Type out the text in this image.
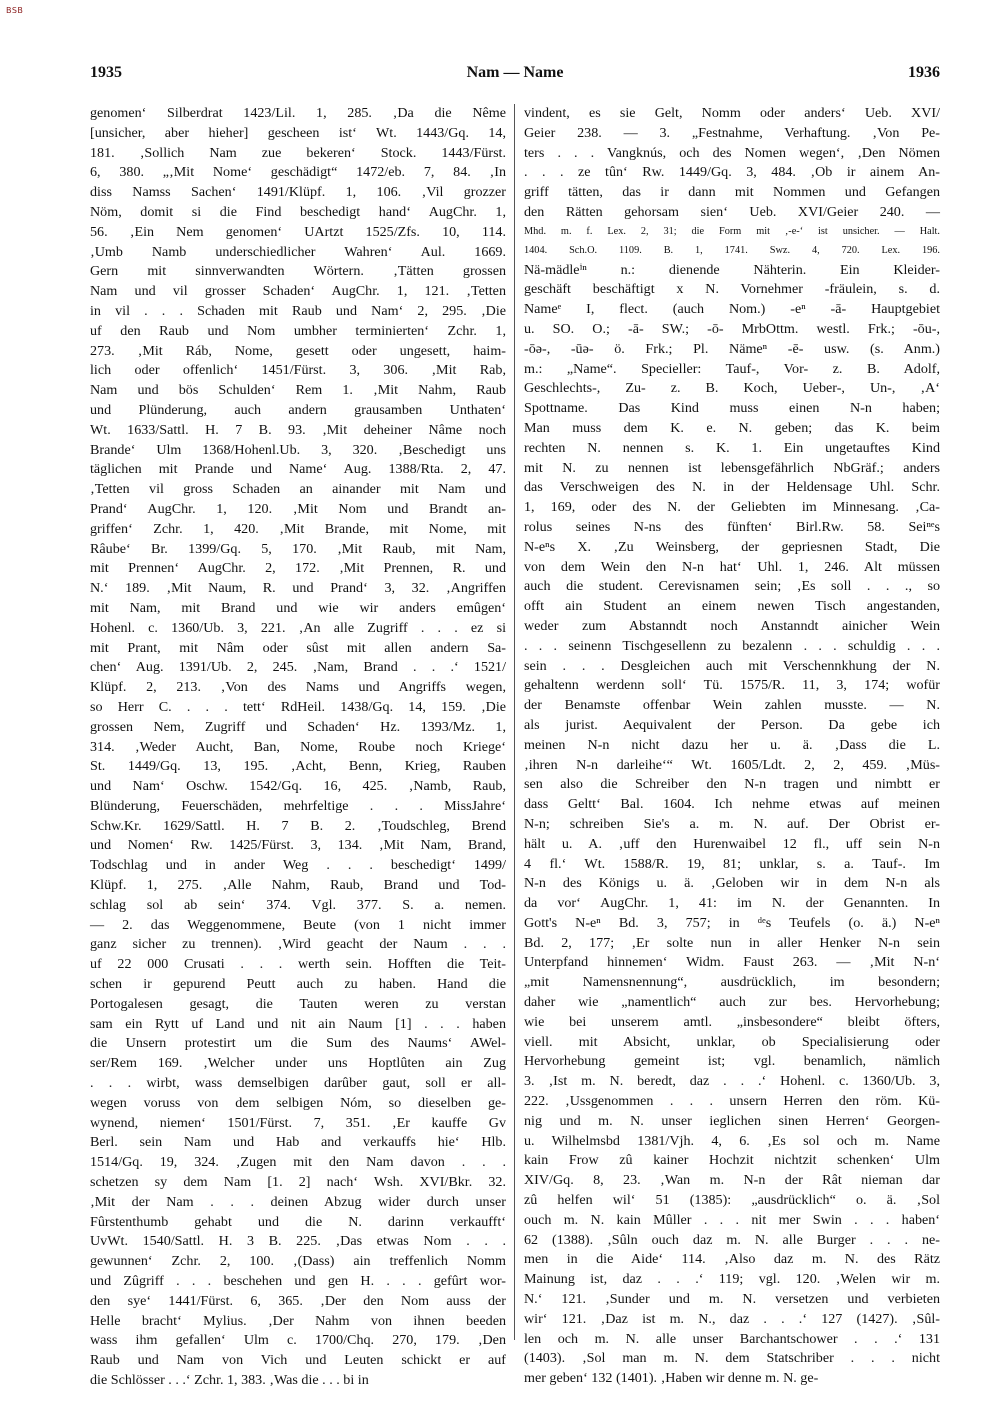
BSB
1935	Nam — Name	1936
genomen‘ Silberdrat 1423/Lil. 1, 285. ‚Da die Nême
[unsicher, aber hieher] gescheen ist‘ Wt. 1443/Gq. 14,
181. ‚Sollich Nam zue bekeren‘ Stock. 1443/Fürst.
6, 380. „‚Mit Nome‘ geschädigt“ 1472/eb. 7, 84. ‚In
diss Namss Sachen‘ 1491/Klüpf. 1, 106. ‚Vil grozzer
Nöm, domit si die Find beschedigt hand‘ AugChr. 1,
56. ‚Ein Nem genomen‘ UArtzt 1525/Zfs. 10, 114.
‚Umb Namb underschiedlicher Wahren‘ Aul. 1669.
Gern mit sinnverwandten Wörtern. ‚Tätten grossen
Nam und vil grosser Schaden‘ AugChr. 1, 121. ‚Tetten
in vil . . . Schaden mit Raub und Nam‘ 2, 295. ‚Die
uf den Raub und Nom umbher terminierten‘ Zchr. 1,
273. ‚Mit Ráb, Nome, gesett oder ungesett, haim-
lich oder offenlich‘ 1451/Fürst. 3, 306. ‚Mit Rab,
Nam und bös Schulden‘ Rem 1. ‚Mit Nahm, Raub
und Plünderung, auch andern grausamben Unthaten‘
Wt. 1633/Sattl. H. 7 B. 93. ‚Mit deheiner Nâme noch
Brande‘ Ulm 1368/Hohenl.Ub. 3, 320. ‚Beschedigt uns
täglichen mit Prande und Name‘ Aug. 1388/Rta. 2, 47.
‚Tetten vil gross Schaden an ainander mit Nam und
Prand‘ AugChr. 1, 120. ‚Mit Nom und Brandt an-
griffen‘ Zchr. 1, 420. ‚Mit Brande, mit Nome, mit
Râube‘ Br. 1399/Gq. 5, 170. ‚Mit Raub, mit Nam,
mit Prennen‘ AugChr. 2, 172. ‚Mit Prennen, R. und
N.‘ 189. ‚Mit Naum, R. und Prand‘ 3, 32. ‚Angriffen
mit Nam, mit Brand und wie wir anders emûgen‘
Hohenl. c. 1360/Ub. 3, 221. ‚An alle Zugriff . . . ez si
mit Prant, mit Nâm oder sûst mit allen andern Sa-
chen‘ Aug. 1391/Ub. 2, 245. ‚Nam, Brand . . .‘ 1521/
Klüpf. 2, 213. ‚Von des Nams und Angriffs wegen,
so Herr C. . . . tett‘ RdHeil. 1438/Gq. 14, 159. ‚Die
grossen Nem, Zugriff und Schaden‘ Hz. 1393/Mz. 1,
314. ‚Weder Aucht, Ban, Nome, Roube noch Kriege‘
St. 1449/Gq. 13, 195. ‚Acht, Benn, Krieg, Rauben
und Nam‘ Oschw. 1542/Gq. 16, 425. ‚Namb, Raub,
Blünderung, Feuerschäden, mehrfeltige . . . MissJahre‘
Schw.Kr. 1629/Sattl. H. 7 B. 2. ‚Toudschleg, Brend
und Nomen‘ Rw. 1425/Fürst. 3, 134. ‚Mit Nam, Brand,
Todschlag und in ander Weg . . . beschedigt‘ 1499/
Klüpf. 1, 275. ‚Alle Nahm, Raub, Brand und Tod-
schlag sol ab sein‘ 374. Vgl. 377. S. a. nemen.
— 2. das Weggenommene, Beute (von 1 nicht immer
ganz sicher zu trennen). ‚Wird geacht der Naum . . .
uf 22 000 Crusati . . . werth sein. Hofften die Teit-
schen ir gepurend Peutt auch zu haben. Hand die
Portogalesen gesagt, die Tauten weren zu verstan
sam ein Rytt uf Land und nit ain Naum [1] . . . haben
die Unsern protestirt um die Sum des Naums‘ AWel-
ser/Rem 169. ‚Welcher under uns Hoptlûten ain Zug
. . . wirbt, wass demselbigen darûber gaut, soll er all-
wegen voruss von dem selbigen Nóm, so dieselben ge-
wynend, niemen‘ 1501/Fürst. 7, 351. ‚Er kauffe Gv
Berl. sein Nam und Hab and verkauffs hie‘ Hlb.
1514/Gq. 19, 324. ‚Zugen mit den Nam davon . . .
schetzen sy dem Nam [1. 2] nach‘ Wsh. XVI/Bkr. 32.
‚Mit der Nam . . . deinen Abzug wider durch unser
Fûrstenthumb gehabt und die N. darinn verkaufft‘
UvWt. 1540/Sattl. H. 3 B. 225. ‚Das etwas Nom . . .
gewunnen‘ Zchr. 2, 100. ‚(Dass) ain treffenlich Nomm
und Zûgriff . . . beschehen und gen H. . . . gefûrt wor-
den sye‘ 1441/Fürst. 6, 365. ‚Der den Nom auss der
Helle bracht‘ Mylius. ‚Der Nahm von ihnen beeden
wass ihm gefallen‘ Ulm c. 1700/Chq. 270, 179. ‚Den
Raub und Nam von Vich und Leuten schickt er auf
die Schlösser . . .‘ Zchr. 1, 383. ‚Was die . . . bi in
vindent, es sie Gelt, Nomm oder anders‘ Ueb. XVI/
Geier 238. — 3. „Festnahme, Verhaftung. ‚Von Pe-
ters . . . Vangknús, och des Nomen wegen‘, ‚Den Nömen
. . . ze tûn‘ Rw. 1449/Gq. 3, 484. ‚Ob ir ainem An-
griff tätten, das ir dann mit Nommen und Gefangen
den Rätten gehorsam sien‘ Ueb. XVI/Geier 240. —
Mhd. m. f. Lex. 2, 31; die Form mit ‚-e-‘ ist unsicher. — Halt.
1404. Sch.O. 1109. B. 1, 1741. Swz. 4, 720. Lex. 196.
Nä-mädleⁱⁿ n.: dienende Nähterin. Ein Kleider-
geschäft beschäftigt x N. Vornehmer -fräulein, s. d.
Nameᵉ I, flect. (auch Nom.) -eⁿ -ā- Hauptgebiet
u. SO. O.; -ā- SW.; -ō- MrbOttm. westl. Frk.; -ōu-,
-ōə-, -ūə- ö. Frk.; Pl. Nämeⁿ -ē- usw. (s. Anm.)
m.: „Name“. Specieller: Tauf-, Vor- z. B. Adolf,
Geschlechts-, Zu- z. B. Koch, Ueber-, Un-, ‚A‘
Spottname. Das Kind muss einen N-n haben;
Man muss dem K. e. N. geben; das K. beim
rechten N. nennen s. K. 1. Ein ungetauftes Kind
mit N. zu nennen ist lebensgefährlich NbGräf.; anders
das Verschweigen des N. in der Heldensage Uhl. Schr.
1, 169, oder des N. der Geliebten im Minnesang. ‚Ca-
rolus seines N-ns des fünften‘ Birl.Rw. 58. Seiⁿᵉs
N-eⁿs X. ‚Zu Weinsberg, der gepriesnen Stadt, Die
von dem Wein den N-n hat‘ Uhl. 1, 246. Alt müssen
auch die student. Cerevisnamen sein; ‚Es soll . . ., so
offt ain Student an einem newen Tisch angestanden,
weder zum Abstanndt noch Anstanndt ainicher Wein
. . . seinenn Tischgesellenn zu bezalenn . . . schuldig . . .
sein . . . Desgleichen auch mit Verschennkhung der N.
gehaltenn werdenn soll‘ Tü. 1575/R. 11, 3, 174; wofür
der Benamste offenbar Wein zahlen musste. — N.
als jurist. Aequivalent der Person. Da gebe ich
meinen N-n nicht dazu her u. ä. ‚Dass die L.
‚ihren N-n darleihe‘“ Wt. 1605/Ldt. 2, 2, 459. ‚Müs-
sen also die Schreiber den N-n tragen und nimbtt er
dass Geltt‘ Bal. 1604. Ich nehme etwas auf meinen
N-n; schreiben Sie's a. m. N. auf. Der Obrist er-
hält u. A. ‚uff den Hurenwaibel 12 fl., uff sein N-n
4 fl.‘ Wt. 1588/R. 19, 81; unklar, s. a. Tauf-. Im
N-n des Königs u. ä. ‚Geloben wir in dem N-n als
da vor‘ AugChr. 1, 41: im N. der Genannten. In
Gott's N-eⁿ Bd. 3, 757; in ᵈᵉs Teufels (o. ä.) N-eⁿ
Bd. 2, 177; ‚Er solte nun in aller Henker N-n sein
Unterpfand hinnemen‘ Widm. Faust 263. — ‚Mit N-n‘
„mit Namensnennung“, ausdrücklich, im besondern;
daher wie „namentlich“ auch zur bes. Hervorhebung;
wie bei unserem amtl. „insbesondere“ bleibt öfters,
viell. mit Absicht, unklar, ob Specialisierung oder
Hervorhebung gemeint ist; vgl. benamlich, nämlich
3. ‚Ist m. N. beredt, daz . . .‘ Hohenl. c. 1360/Ub. 3,
222. ‚Ussgenommen . . . unsern Herren den röm. Kü-
nig und m. N. unser ieglichen sinen Herren‘ Georgen-
u. Wilhelmsbd 1381/Vjh. 4, 6. ‚Es sol och m. Name
kain Frow zû kainer Hochzit nichtzit schenken‘ Ulm
XIV/Gq. 8, 23. ‚Wan m. N-n der Rât nieman dar
zû helfen wil‘ 51 (1385): „ausdrücklich“ o. ä. ‚Sol
ouch m. N. kain Mûller . . . nit mer Swin . . . haben‘
62 (1388). ‚Sûln ouch daz m. N. alle Burger . . . ne-
men in die Aide‘ 114. ‚Also daz m. N. des Rätz
Mainung ist, daz . . .‘ 119; vgl. 120. ‚Welen wir m.
N.‘ 121. ‚Sunder und m. N. versetzen und verbieten
wir‘ 121. ‚Daz ist m. N., daz . . .‘ 127 (1427). ‚Sûl-
len och m. N. alle unser Barchantschower . . .‘ 131
(1403). ‚Sol man m. N. dem Statschriber . . . nicht
mer geben‘ 132 (1401). ‚Haben wir denne m. N. ge-
